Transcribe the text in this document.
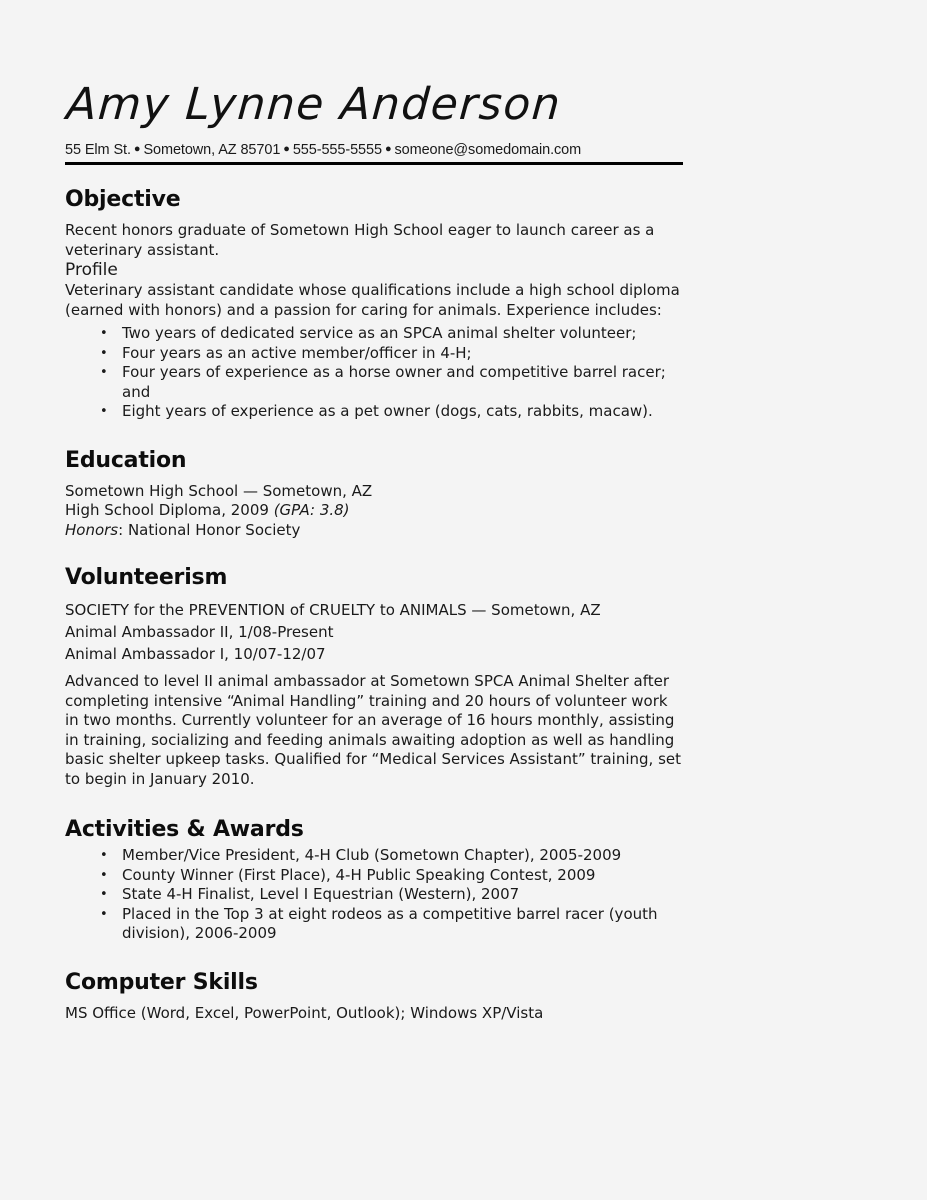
Amy Lynne Anderson
55 Elm St. ● Sometown, AZ 85701 ● 555-555-5555 ● someone@somedomain.com
Objective

Recent honors graduate of Sometown High School eager to launch career as a veterinary assistant.

Profile

Veterinary assistant candidate whose qualifications include a high school diploma (earned with honors) and a passion for caring for animals. Experience includes:

• Two years of dedicated service as an SPCA animal shelter volunteer;
• Four years as an active member/officer in 4-H;
• Four years of experience as a horse owner and competitive barrel racer; and
• Eight years of experience as a pet owner (dogs, cats, rabbits, macaw).
Education
Sometown High School — Sometown, AZ
High School Diploma, 2009 (GPA: 3.8)
Honors: National Honor Society
Volunteerism
SOCIETY for the PREVENTION of CRUELTY to ANIMALS — Sometown, AZ
Animal Ambassador II, 1/08-Present
Animal Ambassador I, 10/07-12/07

Advanced to level II animal ambassador at Sometown SPCA Animal Shelter after completing intensive “Animal Handling” training and 20 hours of volunteer work in two months. Currently volunteer for an average of 16 hours monthly, assisting in training, socializing and feeding animals awaiting adoption as well as handling basic shelter upkeep tasks. Qualified for “Medical Services Assistant” training, set to begin in January 2010.

Activities & Awards
• Member/Vice President, 4-H Club (Sometown Chapter), 2005-2009
• County Winner (First Place), 4-H Public Speaking Contest, 2009
• State 4-H Finalist, Level I Equestrian (Western), 2007
• Placed in the Top 3 at eight rodeos as a competitive barrel racer (youth division), 2006-2009
Computer Skills

MS Office (Word, Excel, PowerPoint, Outlook); Windows XP/Vista
